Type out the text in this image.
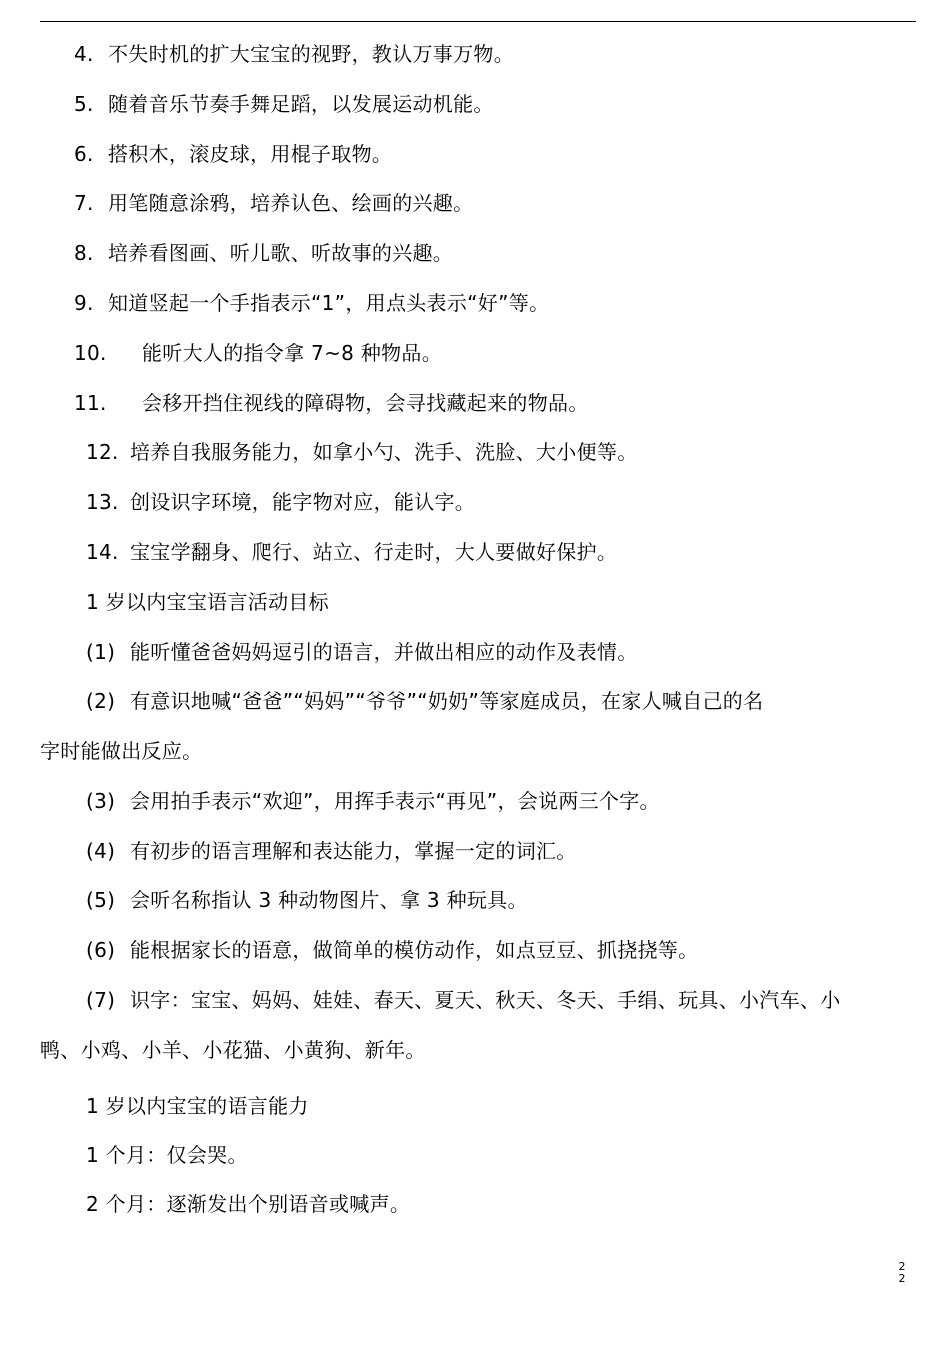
4. 不失时机的扩大宝宝的视野，教认万事万物。
5. 随着音乐节奏手舞足蹈，以发展运动机能。
6. 搭积木，滚皮球，用棍子取物。
7. 用笔随意涂鸦，培养认色、绘画的兴趣。
8. 培养看图画、听儿歌、听故事的兴趣。
9. 知道竖起一个手指表示“1”，用点头表示“好”等。
10. 能听大人的指令拿 7~8 种物品。
11. 会移开挡住视线的障碍物，会寻找藏起来的物品。
12. 培养自我服务能力，如拿小勺、洗手、洗脸、大小便等。
13. 创设识字环境，能字物对应，能认字。
14. 宝宝学翻身、爬行、站立、行走时，大人要做好保护。
1 岁以内宝宝语言活动目标
(1) 能听懂爸爸妈妈逗引的语言，并做出相应的动作及表情。
(2) 有意识地喊“爸爸”“妈妈”“爷爷”“奶奶”等家庭成员，在家人喊自己的名
字时能做出反应。
(3) 会用拍手表示“欢迎”，用挥手表示“再见”，会说两三个字。
(4) 有初步的语言理解和表达能力，掌握一定的词汇。
(5) 会听名称指认 3 种动物图片、拿 3 种玩具。
(6) 能根据家长的语意，做简单的模仿动作，如点豆豆、抓挠挠等。
(7) 识字：宝宝、妈妈、娃娃、春天、夏天、秋天、冬天、手绢、玩具、小汽车、小
鸭、小鸡、小羊、小花猫、小黄狗、新年。
1 岁以内宝宝的语言能力
1 个月：仅会哭。
2 个月：逐渐发出个别语音或喊声。
2
2
